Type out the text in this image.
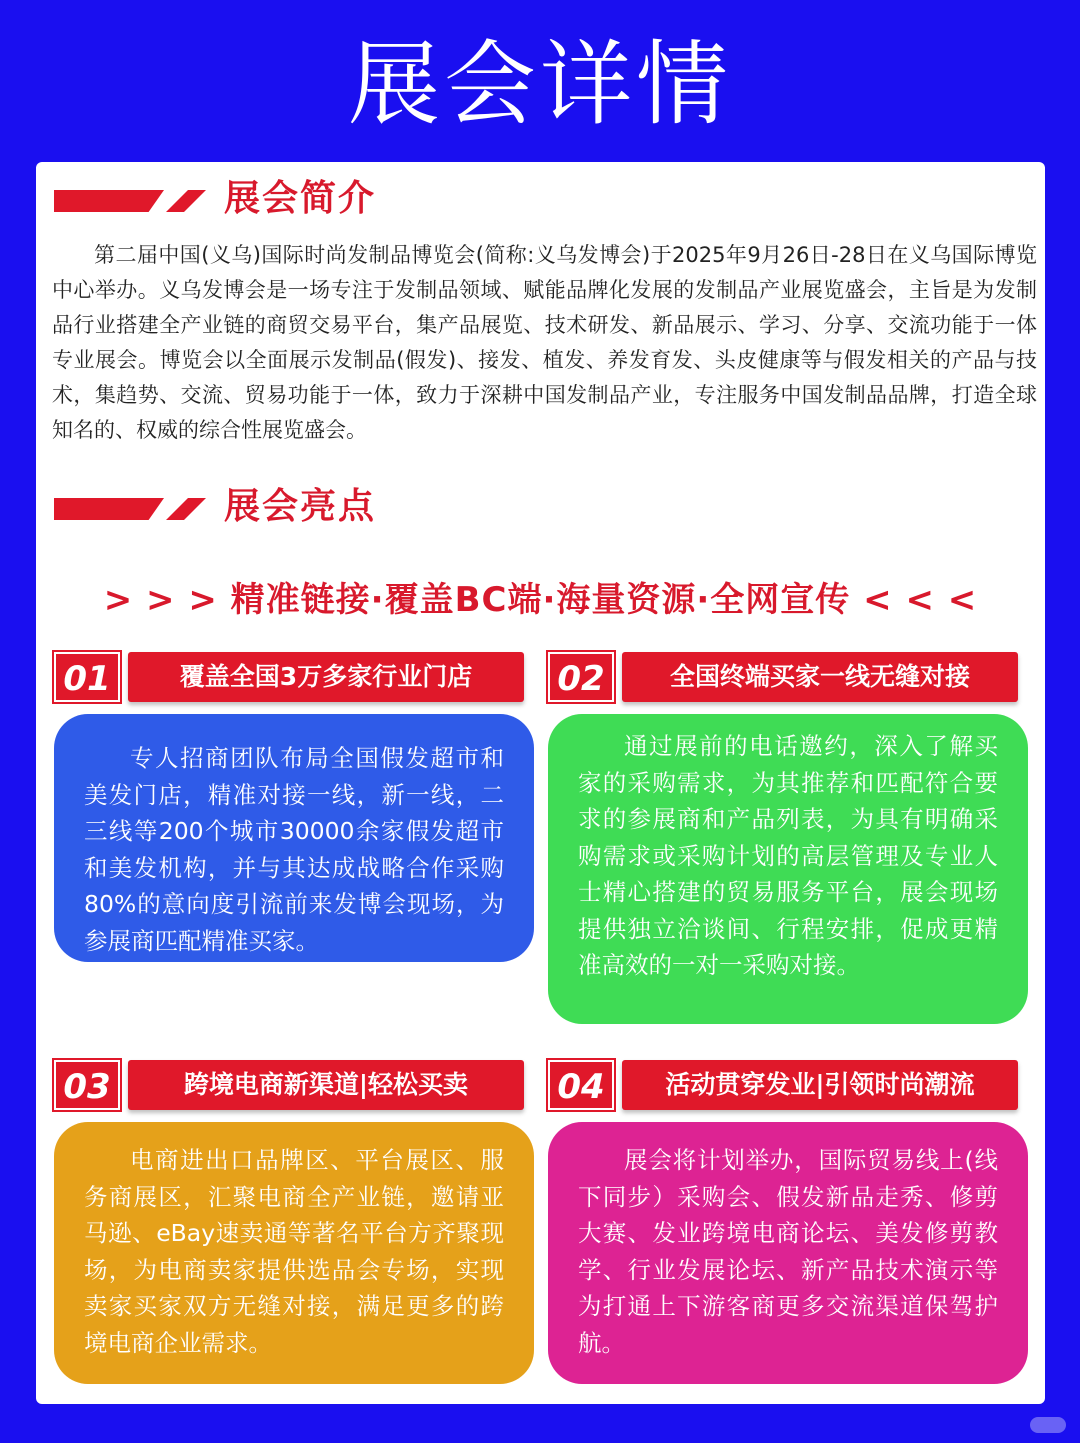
展会详情
展会简介

第二届中国(义乌)国际时尚发制品博览会(简称:义乌发博会)于2025年9月26日-28日在义乌国际博览中心举办。义乌发博会是一场专注于发制品领域、赋能品牌化发展的发制品产业展览盛会，主旨是为发制品行业搭建全产业链的商贸交易平台，集产品展览、技术研发、新品展示、学习、分享、交流功能于一体专业展会。博览会以全面展示发制品(假发)、接发、植发、养发育发、头皮健康等与假发相关的产品与技术，集趋势、交流、贸易功能于一体，致力于深耕中国发制品产业，专注服务中国发制品品牌，打造全球知名的、权威的综合性展览盛会。

展会亮点
> > > 精准链接·覆盖BC端·海量资源·全网宣传 < < <
01	覆盖全国3万多家行业门店
专人招商团队布局全国假发超市和美发门店，精准对接一线，新一线，二三线等200个城市30000余家假发超市和美发机构，并与其达成战略合作采购80%的意向度引流前来发博会现场，为参展商匹配精准买家。
02	全国终端买家一线无缝对接
通过展前的电话邀约，深入了解买家的采购需求，为其推荐和匹配符合要求的参展商和产品列表，为具有明确采购需求或采购计划的高层管理及专业人士精心搭建的贸易服务平台，展会现场提供独立洽谈间、行程安排，促成更精准高效的一对一采购对接。
03	跨境电商新渠道|轻松买卖
电商进出口品牌区、平台展区、服务商展区，汇聚电商全产业链，邀请亚马逊、eBay速卖通等著名平台方齐聚现场，为电商卖家提供选品会专场，实现卖家买家双方无缝对接，满足更多的跨境电商企业需求。
04	活动贯穿发业|引领时尚潮流
展会将计划举办，国际贸易线上(线下同步）采购会、假发新品走秀、修剪大赛、发业跨境电商论坛、美发修剪教学、行业发展论坛、新产品技术演示等为打通上下游客商更多交流渠道保驾护航。
